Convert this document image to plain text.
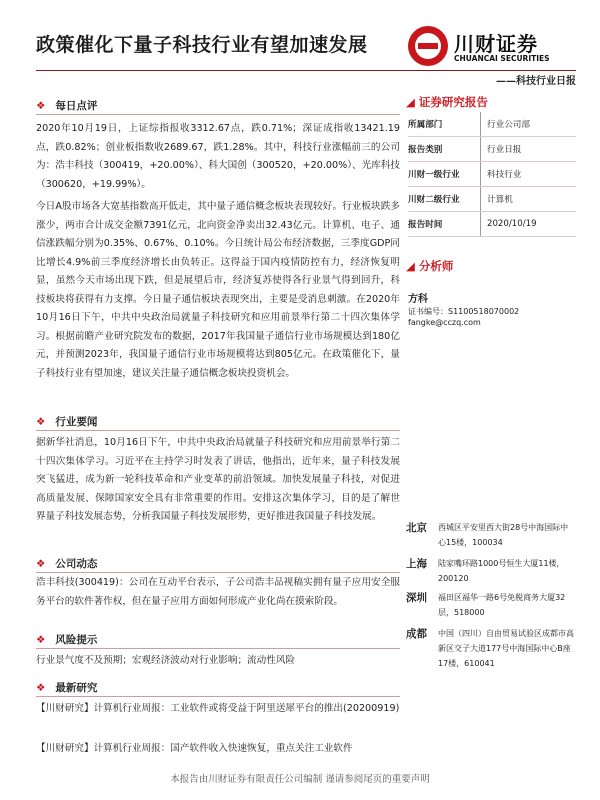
政策催化下量子科技行业有望加速发展	川财证券
CHUANCAI SECURITIES
——科技行业日报
❖ 每日点评
2020年10月19日，上证综指报收3312.67点，跌0.71%；深证成指收13421.19点，跌0.82%；创业板指数收2689.67，跌1.28%。其中，科技行业涨幅前三的公司为：浩丰科技（300419，+20.00%）、科大国创（300520，+20.00%）、光库科技（300620，+19.99%）。
今日A股市场各大宽基指数高开低走，其中量子通信概念板块表现较好。行业板块跌多涨少，两市合计成交金额7391亿元，北向资金净卖出32.43亿元。计算机、电子、通信涨跌幅分别为0.35%、0.67%、0.10%。今日统计局公布经济数据，三季度GDP同比增长4.9%前三季度经济增长由负转正。这得益于国内疫情防控有力，经济恢复明显，虽然今天市场出现下跌，但是展望后市，经济复苏使得各行业景气得到回升，科技板块将获得有力支撑。今日量子通信板块表现突出，主要是受消息刺激。在2020年10月16日下午，中共中央政治局就量子科技研究和应用前景举行第二十四次集体学习。根据前瞻产业研究院发布的数据，2017年我国量子通信行业市场规模达到180亿元，并预测2023年，我国量子通信行业市场规模将达到805亿元。在政策催化下，量子科技行业有望加速，建议关注量子通信概念板块投资机会。
❖ 行业要闻
据新华社消息，10月16日下午，中共中央政治局就量子科技研究和应用前景举行第二十四次集体学习。习近平在主持学习时发表了讲话，他指出，近年来，量子科技发展突飞猛进，成为新一轮科技革命和产业变革的前沿领域。加快发展量子科技，对促进高质量发展、保障国家安全具有非常重要的作用。安排这次集体学习，目的是了解世界量子科技发展态势，分析我国量子科技发展形势，更好推进我国量子科技发展。
❖ 公司动态
浩丰科技(300419)：公司在互动平台表示，子公司浩丰品视稿实拥有量子应用安全服务平台的软件著作权，但在量子应用方面如何形成产业化尚在摸索阶段。
❖ 风险提示
行业景气度不及预期；宏观经济波动对行业影响；流动性风险
❖ 最新研究
【川财研究】计算机行业周报：工业软件或将受益于阿里送犀平台的推出(20200919)
【川财研究】计算机行业周报：国产软件收入快速恢复，重点关注工业软件
◢ 证券研究报告
所属部门	行业公司部
报告类别	行业日报
川财一级行业	科技行业
川财二级行业	计算机
报告时间	2020/10/19
◢ 分析师
方科
证书编号：S1100518070002
fangke@cczq.com
北京 西城区平安里西大街28号中海国际中心15楼，100034
上海 陆家嘴环路1000号恒生大厦11楼，200120
深圳 福田区福华一路6号免税商务大厦32层，518000
成都 中国（四川）自由贸易试验区成都市高新区交子大道177号中海国际中心B座17楼，610041
本报告由川财证券有限责任公司编制 谨请参阅尾页的重要声明
